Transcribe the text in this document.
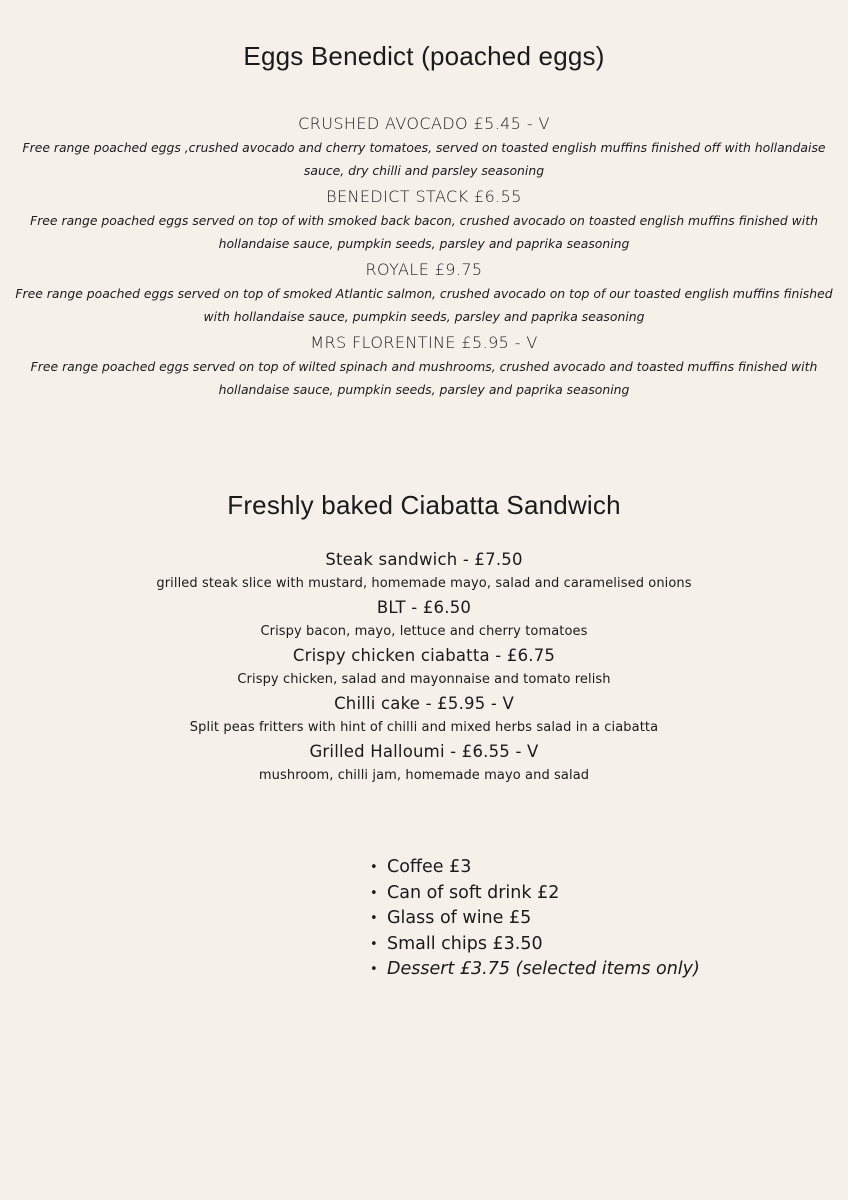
Eggs Benedict (poached eggs)
CRUSHED AVOCADO £5.45 - V
Free range poached eggs ,crushed avocado and cherry tomatoes, served on toasted english muffins finished off with hollandaise sauce, dry chilli and parsley seasoning
BENEDICT STACK £6.55
Free range poached eggs served on top of with smoked back bacon, crushed avocado on toasted english muffins finished with hollandaise sauce, pumpkin seeds, parsley and paprika seasoning
ROYALE £9.75
Free range poached eggs served on top of smoked Atlantic salmon, crushed avocado on top of our toasted english muffins finished with hollandaise sauce, pumpkin seeds, parsley and paprika seasoning
MRS FLORENTINE £5.95 - V
Free range poached eggs served on top of wilted spinach and mushrooms, crushed avocado and toasted muffins finished with hollandaise sauce, pumpkin seeds, parsley and paprika seasoning
Freshly baked Ciabatta Sandwich
Steak sandwich - £7.50
grilled steak slice with mustard, homemade mayo, salad and caramelised onions
BLT - £6.50
Crispy bacon, mayo, lettuce and cherry tomatoes
Crispy chicken ciabatta - £6.75
Crispy chicken, salad and mayonnaise and tomato relish
Chilli cake - £5.95 - V
Split peas fritters with hint of chilli and mixed herbs salad in a ciabatta
Grilled Halloumi - £6.55 - V
mushroom, chilli jam, homemade mayo and salad
• Coffee £3
• Can of soft drink £2
• Glass of wine £5
• Small chips £3.50
• Dessert £3.75 (selected items only)
